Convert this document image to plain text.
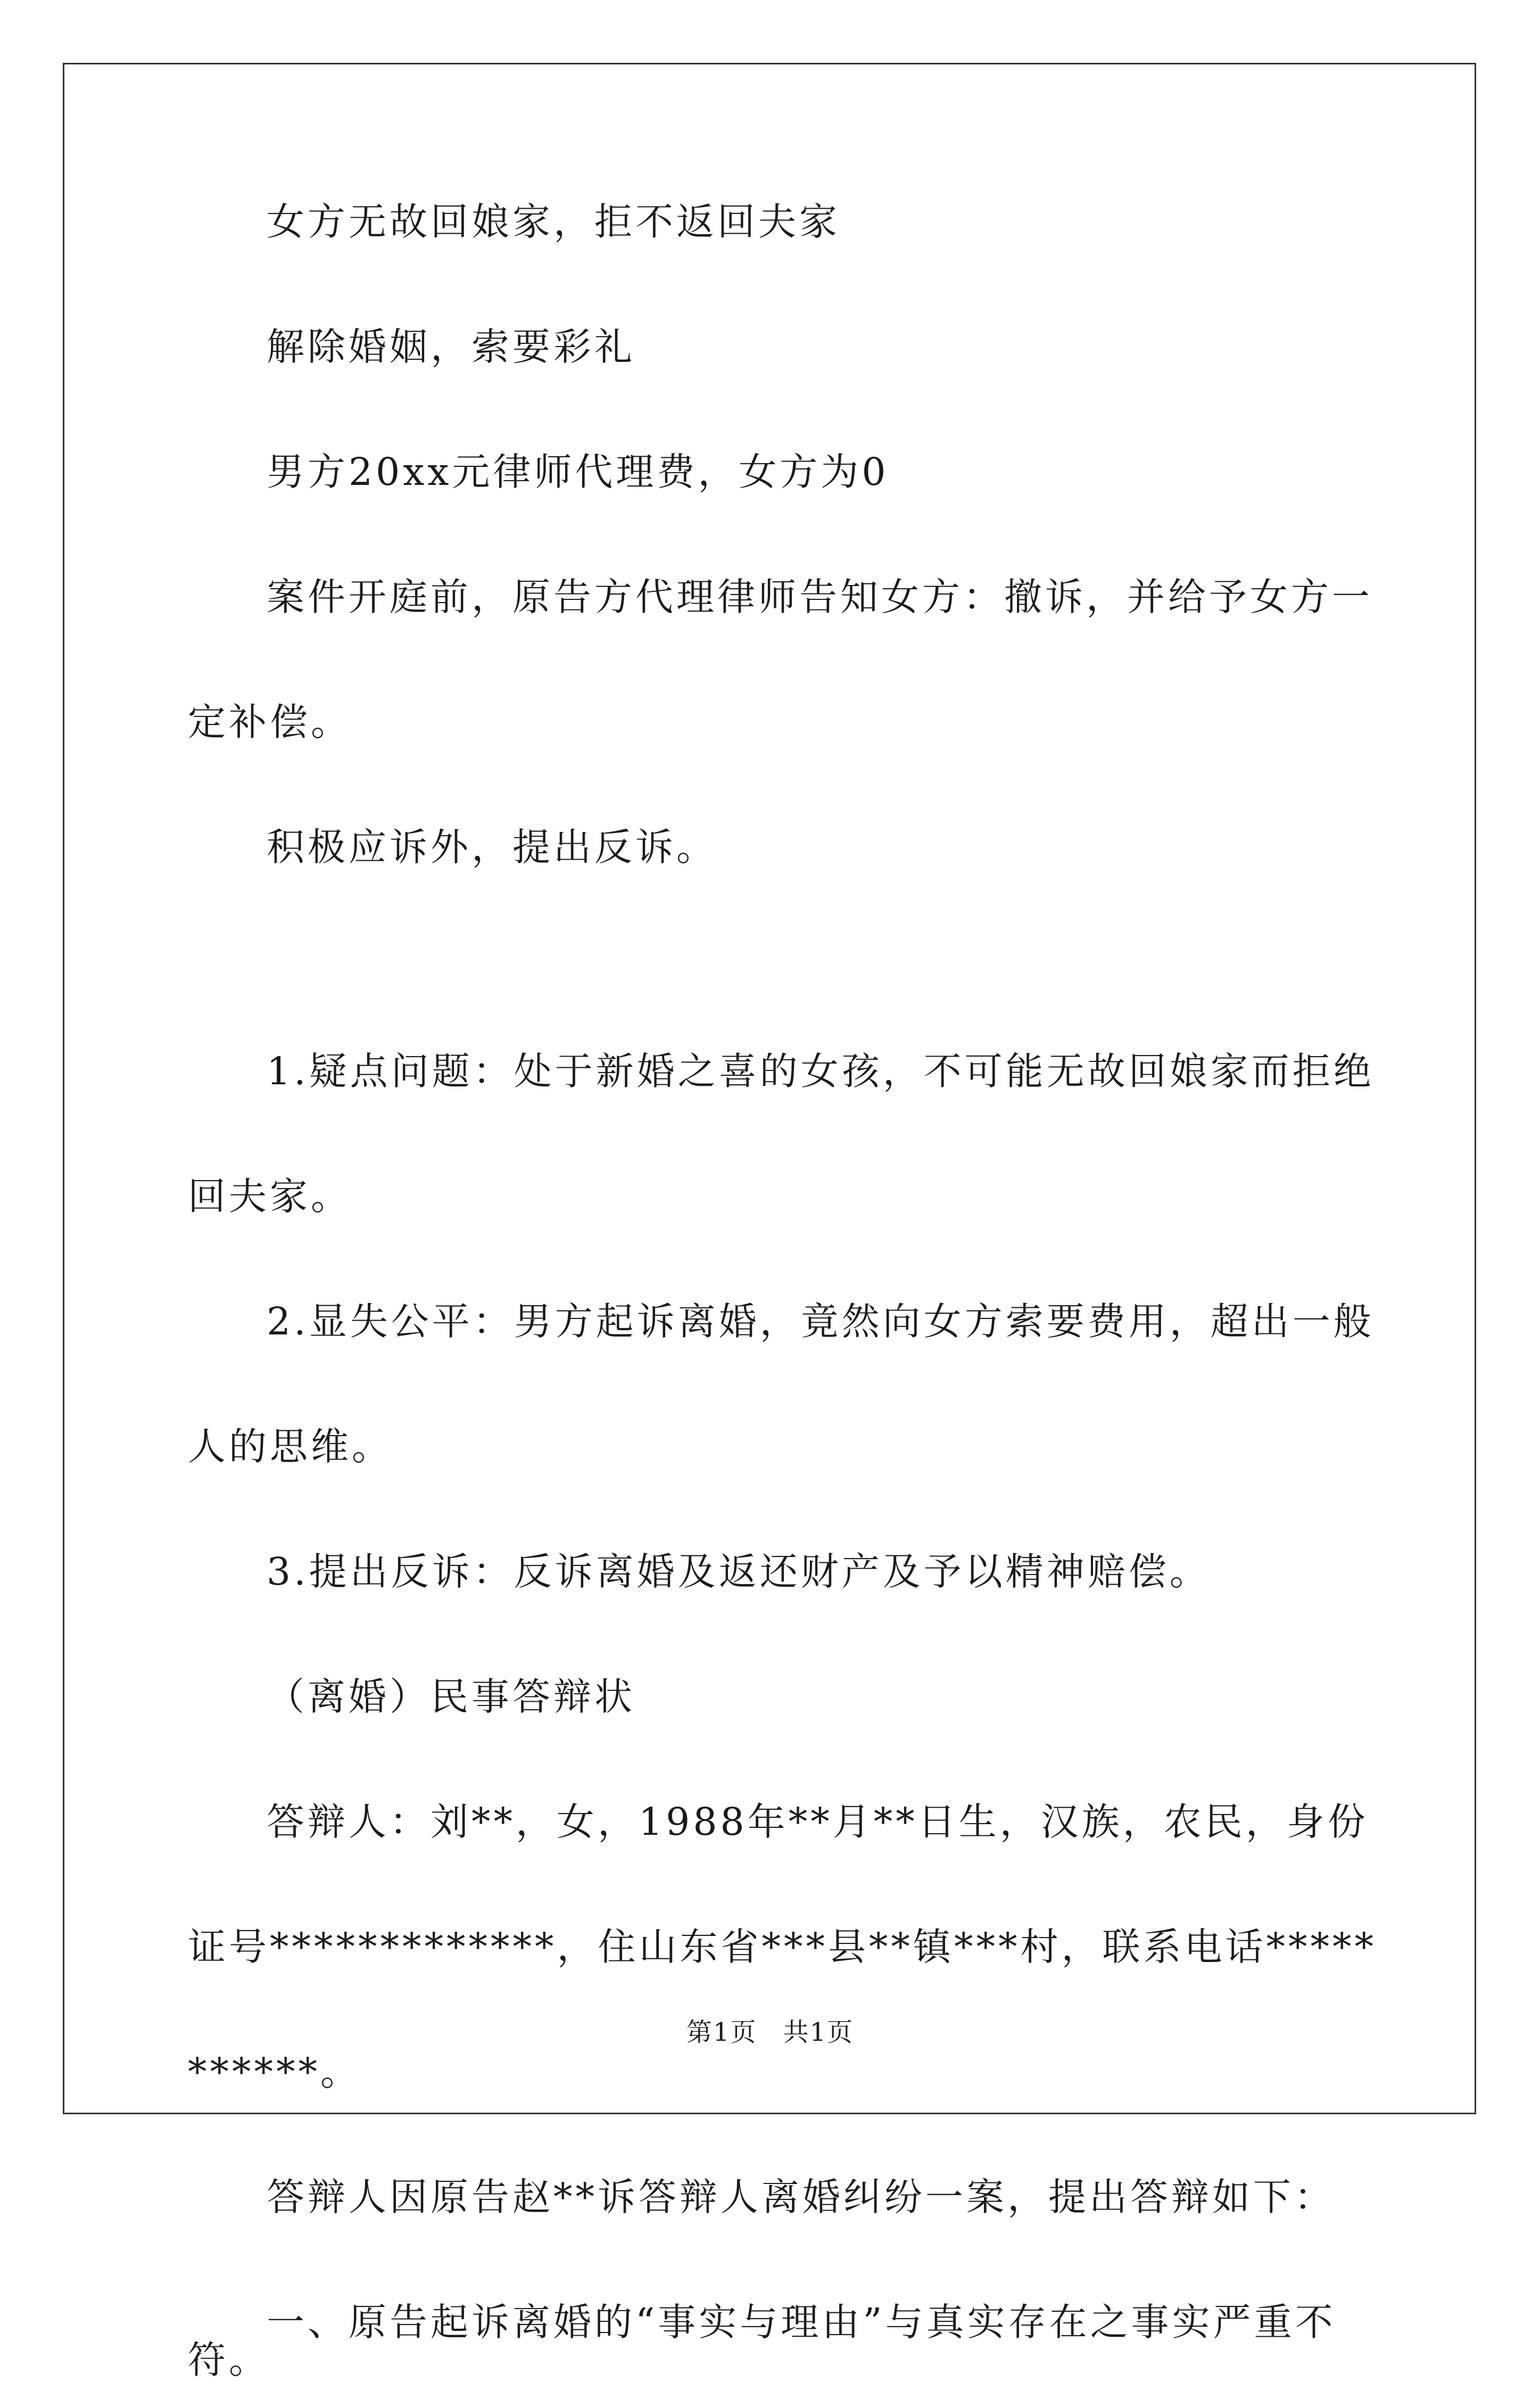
女方无故回娘家，拒不返回夫家

解除婚姻，索要彩礼

男方20xx元律师代理费，女方为0

案件开庭前，原告方代理律师告知女方：撤诉，并给予女方一定补偿。

积极应诉外，提出反诉。

1.疑点问题：处于新婚之喜的女孩，不可能无故回娘家而拒绝回夫家。

2.显失公平：男方起诉离婚，竟然向女方索要费用，超出一般人的思维。

3.提出反诉：反诉离婚及返还财产及予以精神赔偿。

（离婚）民事答辩状

答辩人：刘**，女，1988年**月**日生，汉族，农民，身份证号*************，住山东省***县**镇***村，联系电话***********。

答辩人因原告赵**诉答辩人离婚纠纷一案，提出答辩如下：

一、原告起诉离婚的“事实与理由”与真实存在之事实严重不符。

第1页 共1页
